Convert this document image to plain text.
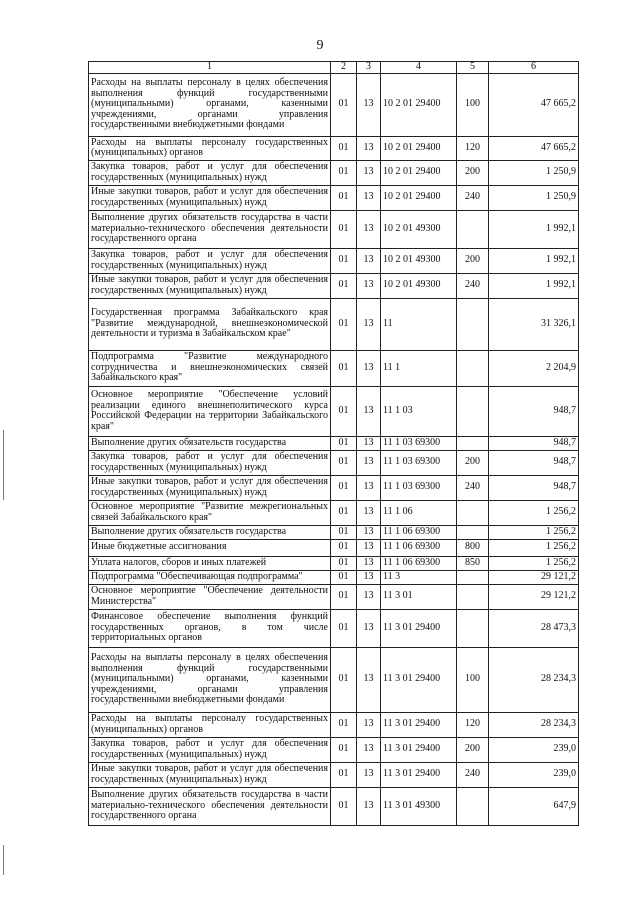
9
1	2	3	4	5	6
Расходы на выплаты персоналу в целях обеспечения выполнения функций государственными (муниципальными) органами, казенными учреждениями, органами управления государственными внебюджетными фондами	01	13	10 2 01 29400	100	47 665,2
Расходы на выплаты персоналу государственных (муниципальных) органов	01	13	10 2 01 29400	120	47 665,2
Закупка товаров, работ и услуг для обеспечения государственных (муниципальных) нужд	01	13	10 2 01 29400	200	1 250,9
Иные закупки товаров, работ и услуг для обеспечения государственных (муниципальных) нужд	01	13	10 2 01 29400	240	1 250,9
Выполнение других обязательств государства в части материально-технического обеспечения деятельности государственного органа	01	13	10 2 01 49300		1 992,1
Закупка товаров, работ и услуг для обеспечения государственных (муниципальных) нужд	01	13	10 2 01 49300	200	1 992,1
Иные закупки товаров, работ и услуг для обеспечения государственных (муниципальных) нужд	01	13	10 2 01 49300	240	1 992,1
Государственная программа Забайкальского края "Развитие международной, внешнеэкономической деятельности и туризма в Забайкальском крае"	01	13	11		31 326,1
Подпрограмма "Развитие международного сотрудничества и внешнеэкономических связей Забайкальского края"	01	13	11 1		2 204,9
Основное мероприятие "Обеспечение условий реализации единого внешнеполитического курса Российской Федерации на территории Забайкальского края"	01	13	11 1 03		948,7
Выполнение других обязательств государства	01	13	11 1 03 69300		948,7
Закупка товаров, работ и услуг для обеспечения государственных (муниципальных) нужд	01	13	11 1 03 69300	200	948,7
Иные закупки товаров, работ и услуг для обеспечения государственных (муниципальных) нужд	01	13	11 1 03 69300	240	948,7
Основное мероприятие "Развитие межрегиональных связей Забайкальского края"	01	13	11 1 06		1 256,2
Выполнение других обязательств государства	01	13	11 1 06 69300		1 256,2
Иные бюджетные ассигнования	01	13	11 1 06 69300	800	1 256,2
Уплата налогов, сборов и иных платежей	01	13	11 1 06 69300	850	1 256,2
Подпрограмма "Обеспечивающая подпрограмма"	01	13	11 3		29 121,2
Основное мероприятие "Обеспечение деятельности Министерства"	01	13	11 3 01		29 121,2
Финансовое обеспечение выполнения функций государственных органов, в том числе территориальных органов	01	13	11 3 01 29400		28 473,3
Расходы на выплаты персоналу в целях обеспечения выполнения функций государственными (муниципальными) органами, казенными учреждениями, органами управления государственными внебюджетными фондами	01	13	11 3 01 29400	100	28 234,3
Расходы на выплаты персоналу государственных (муниципальных) органов	01	13	11 3 01 29400	120	28 234,3
Закупка товаров, работ и услуг для обеспечения государственных (муниципальных) нужд	01	13	11 3 01 29400	200	239,0
Иные закупки товаров, работ и услуг для обеспечения государственных (муниципальных) нужд	01	13	11 3 01 29400	240	239,0
Выполнение других обязательств государства в части материально-технического обеспечения деятельности государственного органа	01	13	11 3 01 49300		647,9
